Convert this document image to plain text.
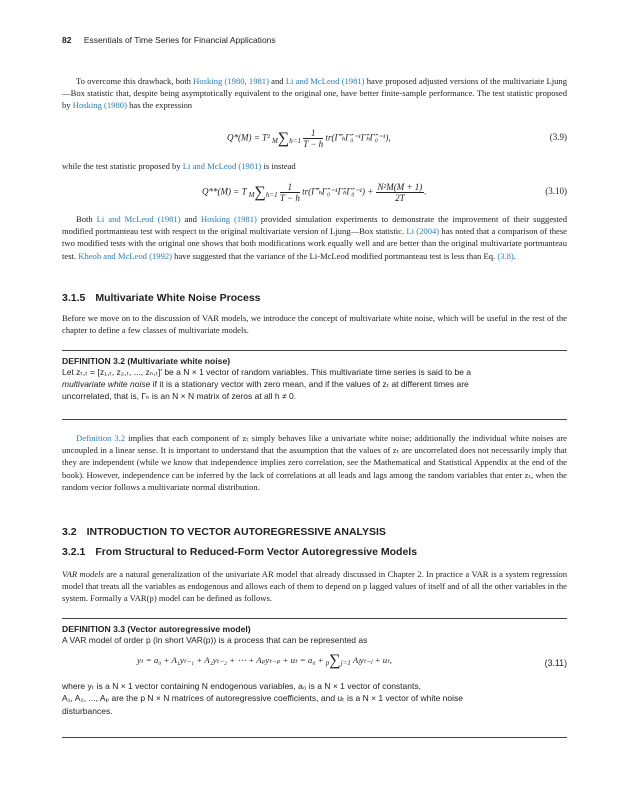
82 Essentials of Time Series for Financial Applications
To overcome this drawback, both Hosking (1980, 1981) and Li and McLeod (1981) have proposed adjusted versions of the multivariate Ljung—Box statistic that, despite being asymptotically equivalent to the original one, have better finite-sample performance. The test statistic proposed by Hosking (1980) has the expression
Q*(M) = T² $M\sum h=1 \frac{1}{T - h}$ tr(Γ̂′ₕΓ̂₀⁻¹Γ̂ₕΓ̂₀⁻¹),	(3.9)
while the test statistic proposed by Li and McLeod (1981) is instead
Q**(M) = T $M\sum h=1 \frac{1}{T - h}$ tr(Γ̂′ₕΓ̂₀⁻¹Γ̂ₕΓ̂₀⁻¹) + $\frac{\text{N²M(M + 1)}}{2T}$ .	(3.10)
Both Li and McLeod (1981) and Hosking (1981) provided simulation experiments to demonstrate the improvement of their suggested modified portmanteau test with respect to the original multivariate version of Ljung—Box statistic. Li (2004) has noted that a comparison of these two modified tests with the original one shows that both modifications work equally well and are better than the original multivariate portmanteau test. Kheoh and McLeod (1992) have suggested that the variance of the Li-McLeod modified portmanteau test is less than Eq. (3.8).
3.1.5 Multivariate White Noise Process
Before we move on to the discussion of VAR models, we introduce the concept of multivariate white noise, which will be useful in the rest of the chapter to define a few classes of multivariate models.
DEFINITION 3.2 (Multivariate white noise)
Let zₜ,ₜ = [z₁,ₜ, z₂,ₜ, ..., zₙ,ₜ]′ be a N × 1 vector of random variables. This multivariate time series is said to be a
multivariate white noise if it is a stationary vector with zero mean, and if the values of zₜ at different times are
uncorrelated, that is, Γₕ is an N × N matrix of zeros at all h ≠ 0.
Definition 3.2 implies that each component of zₜ simply behaves like a univariate white noise; additionally the individual white noises are uncoupled in a linear sense. It is important to understand that the assumption that the values of zₜ are uncorrelated does not necessarily imply that they are independent (while we know that independence implies zero correlation, see the Mathematical and Statistical Appendix at the end of the book). However, independence can be inferred by the lack of correlations at all leads and lags among the random variables that enter zₜ, when the random vector follows a multivariate normal distribution.
3.2 INTRODUCTION TO VECTOR AUTOREGRESSIVE ANALYSIS
3.2.1 From Structural to Reduced-Form Vector Autoregressive Models
VAR models are a natural generalization of the univariate AR model that already discussed in Chapter 2. In practice a VAR is a system regression model that treats all the variables as endogenous and allows each of them to depend on p lagged values of itself and of all the other variables in the system. Formally a VAR(p) model can be defined as follows.
DEFINITION 3.3 (Vector autoregressive model)
A VAR model of order p (in short VAR(p)) is a process that can be represented as
yₜ = a₀ + A₁yₜ₋₁ + A₂yₜ₋₂ + ⋯ + Aₚyₜ₋ₚ + uₜ = a₀ + p∑j=1 Aⱼyₜ₋ⱼ + uₜ,	(3.11)
where yₜ is a N × 1 vector containing N endogenous variables, a₀ is a N × 1 vector of constants,
A₁, A₂, ..., Aₚ are the p N × N matrices of autoregressive coefficients, and uₜ is a N × 1 vector of white noise
disturbances.
